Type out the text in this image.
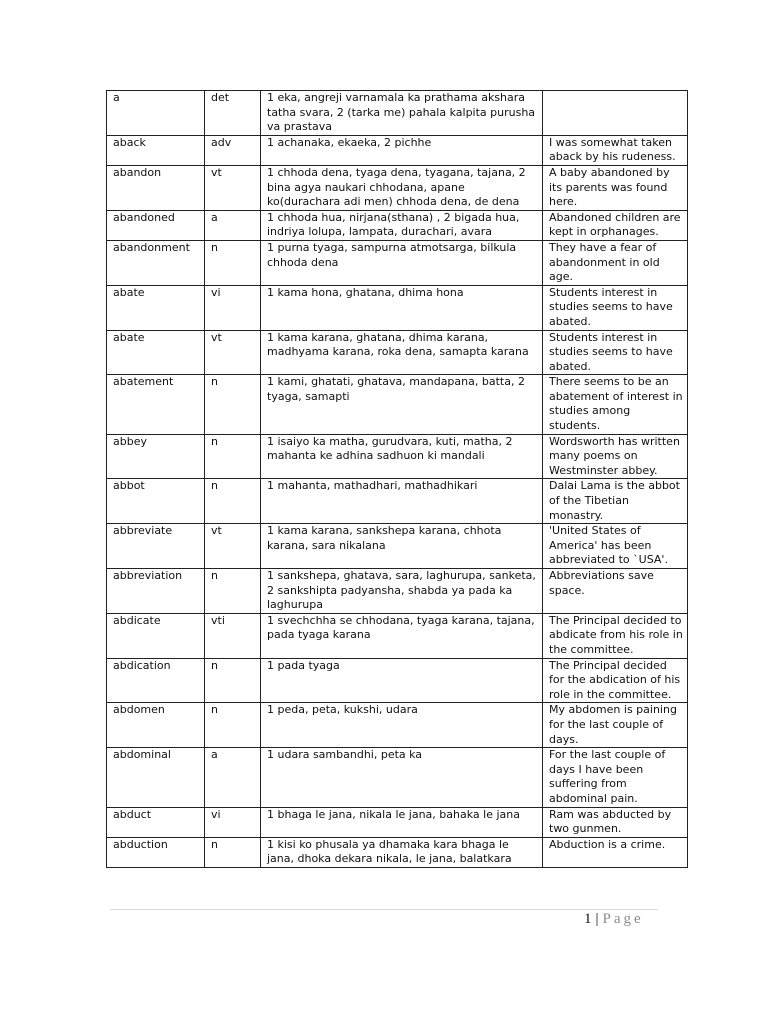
a	det	1 eka, angreji varnamala ka prathama akshara tatha svara, 2 (tarka me) pahala kalpita purusha va prastava	
aback	adv	1 achanaka, ekaeka, 2 pichhe	I was somewhat taken aback by his rudeness.
abandon	vt	1 chhoda dena, tyaga dena, tyagana, tajana, 2 bina agya naukari chhodana, apane ko(durachara adi men) chhoda dena, de dena	A baby abandoned by its parents was found here.
abandoned	a	1 chhoda hua, nirjana(sthana) , 2 bigada hua, indriya lolupa, lampata, durachari, avara	Abandoned children are kept in orphanages.
abandonment	n	1 purna tyaga, sampurna atmotsarga, bilkula chhoda dena	They have a fear of abandonment in old age.
abate	vi	1 kama hona, ghatana, dhima hona	Students interest in studies seems to have abated.
abate	vt	1 kama karana, ghatana, dhima karana, madhyama karana, roka dena, samapta karana	Students interest in studies seems to have abated.
abatement	n	1 kami, ghatati, ghatava, mandapana, batta, 2 tyaga, samapti	There seems to be an abatement of interest in studies among students.
abbey	n	1 isaiyo ka matha, gurudvara, kuti, matha, 2 mahanta ke adhina sadhuon ki mandali	Wordsworth has written many poems on Westminster abbey.
abbot	n	1 mahanta, mathadhari, mathadhikari	Dalai Lama is the abbot of the Tibetian monastry.
abbreviate	vt	1 kama karana, sankshepa karana, chhota karana, sara nikalana	'United States of America' has been abbreviated to `USA'.
abbreviation	n	1 sankshepa, ghatava, sara, laghurupa, sanketa, 2 sankshipta padyansha, shabda ya pada ka laghurupa	Abbreviations save space.
abdicate	vti	1 svechchha se chhodana, tyaga karana, tajana, pada tyaga karana	The Principal decided to abdicate from his role in the committee.
abdication	n	1 pada tyaga	The Principal decided for the abdication of his role in the committee.
abdomen	n	1 peda, peta, kukshi, udara	My abdomen is paining for the last couple of days.
abdominal	a	1 udara sambandhi, peta ka	For the last couple of days I have been suffering from abdominal pain.
abduct	vi	1 bhaga le jana, nikala le jana, bahaka le jana	Ram was abducted by two gunmen.
abduction	n	1 kisi ko phusala ya dhamaka kara bhaga le jana, dhoka dekara nikala, le jana, balatkara	Abduction is a crime.
1 | Page
